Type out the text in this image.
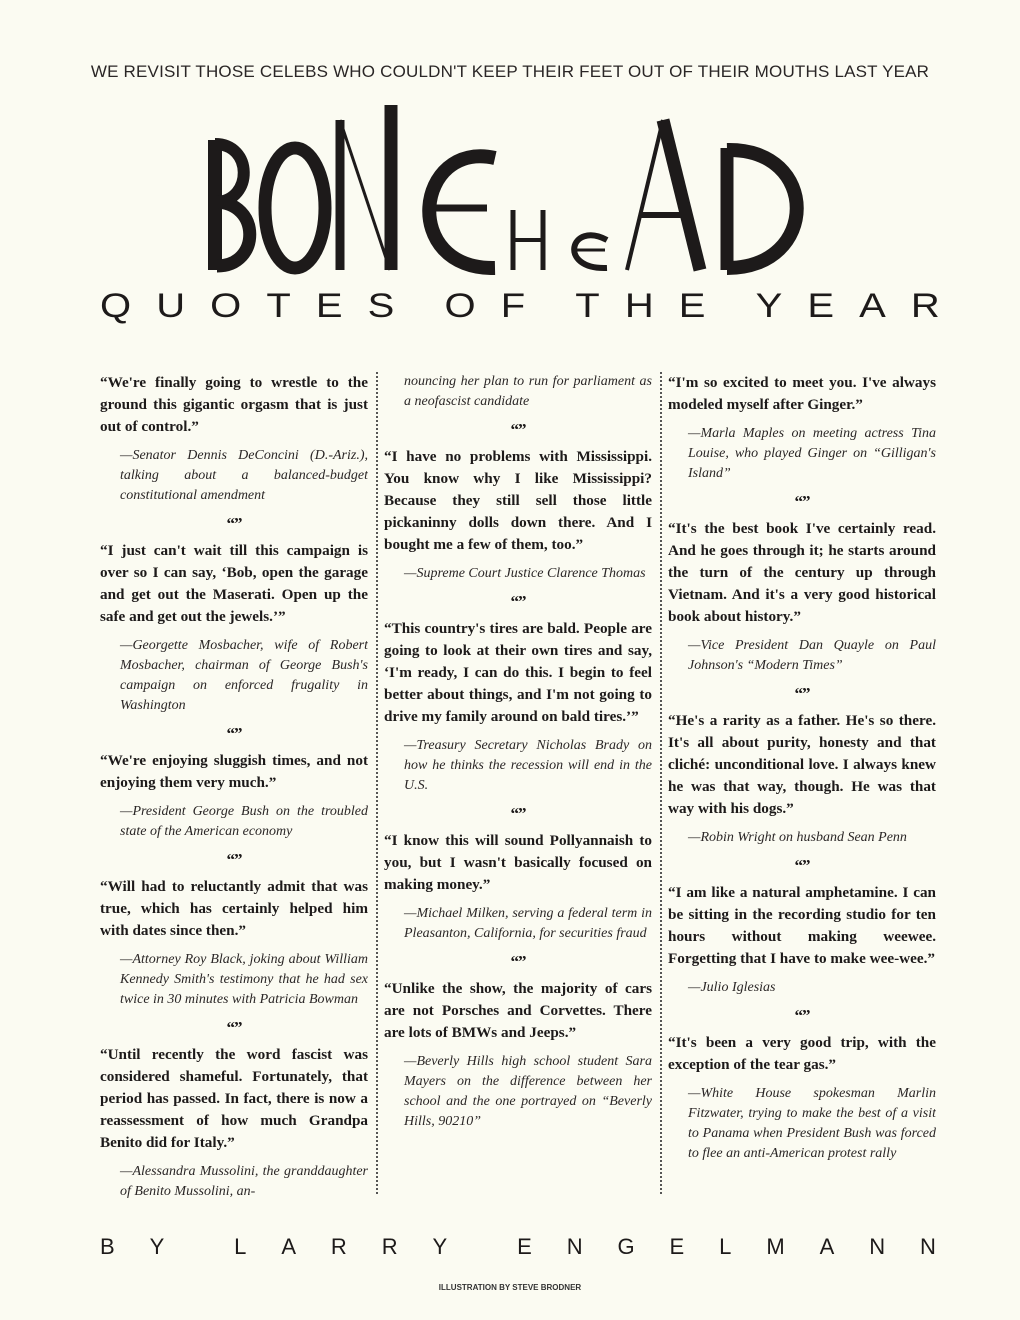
WE REVISIT THOSE CELEBS WHO COULDN'T KEEP THEIR FEET OUT OF THEIR MOUTHS LAST YEAR
Q U O T E S O F T H E Y E A R

“We're finally going to wrestle to the ground this gigantic orgasm that is just out of control.”

—Senator Dennis DeConcini (D.-Ariz.), talking about a balanced-budget constitutional amendment

“”

“I just can't wait till this campaign is over so I can say, ‘Bob, open the garage and get out the Maserati. Open up the safe and get out the jewels.’”

—Georgette Mosbacher, wife of Robert Mosbacher, chairman of George Bush's campaign on enforced frugality in Washington

“”

“We're enjoying sluggish times, and not enjoying them very much.”

—President George Bush on the troubled state of the American economy

“”

“Will had to reluctantly admit that was true, which has certainly helped him with dates since then.”

—Attorney Roy Black, joking about William Kennedy Smith's testimony that he had sex twice in 30 minutes with Patricia Bowman

“”

“Until recently the word fascist was considered shameful. Fortunately, that period has passed. In fact, there is now a reassessment of how much Grandpa Benito did for Italy.”

—Alessandra Mussolini, the granddaughter of Benito Mussolini, an-

nouncing her plan to run for parliament as a neofascist candidate

“”

“I have no problems with Mississippi. You know why I like Mississippi? Because they still sell those little pickaninny dolls down there. And I bought me a few of them, too.”

—Supreme Court Justice Clarence Thomas

“”

“This country's tires are bald. People are going to look at their own tires and say, ‘I'm ready, I can do this. I begin to feel better about things, and I'm not going to drive my family around on bald tires.’”

—Treasury Secretary Nicholas Brady on how he thinks the recession will end in the U.S.

“”

“I know this will sound Pollyannaish to you, but I wasn't basically focused on making money.”

—Michael Milken, serving a federal term in Pleasanton, California, for securities fraud

“”

“Unlike the show, the majority of cars are not Porsches and Corvettes. There are lots of BMWs and Jeeps.”

—Beverly Hills high school student Sara Mayers on the difference between her school and the one portrayed on “Beverly Hills, 90210”

“I'm so excited to meet you. I've always modeled myself after Ginger.”

—Marla Maples on meeting actress Tina Louise, who played Ginger on “Gilligan's Island”

“”

“It's the best book I've certainly read. And he goes through it; he starts around the turn of the century up through Vietnam. And it's a very good historical book about history.”

—Vice President Dan Quayle on Paul Johnson's “Modern Times”

“”

“He's a rarity as a father. He's so there. It's all about purity, honesty and that cliché: unconditional love. I always knew he was that way, though. He was that way with his dogs.”

—Robin Wright on husband Sean Penn

“”

“I am like a natural amphetamine. I can be sitting in the recording studio for ten hours without making weewee. Forgetting that I have to make wee-wee.”

—Julio Iglesias

“”

“It's been a very good trip, with the exception of the tear gas.”

—White House spokesman Marlin Fitzwater, trying to make the best of a visit to Panama when President Bush was forced to flee an anti-American protest rally

B Y	L A R R Y	E N G E L M A N N
ILLUSTRATION BY STEVE BRODNER
